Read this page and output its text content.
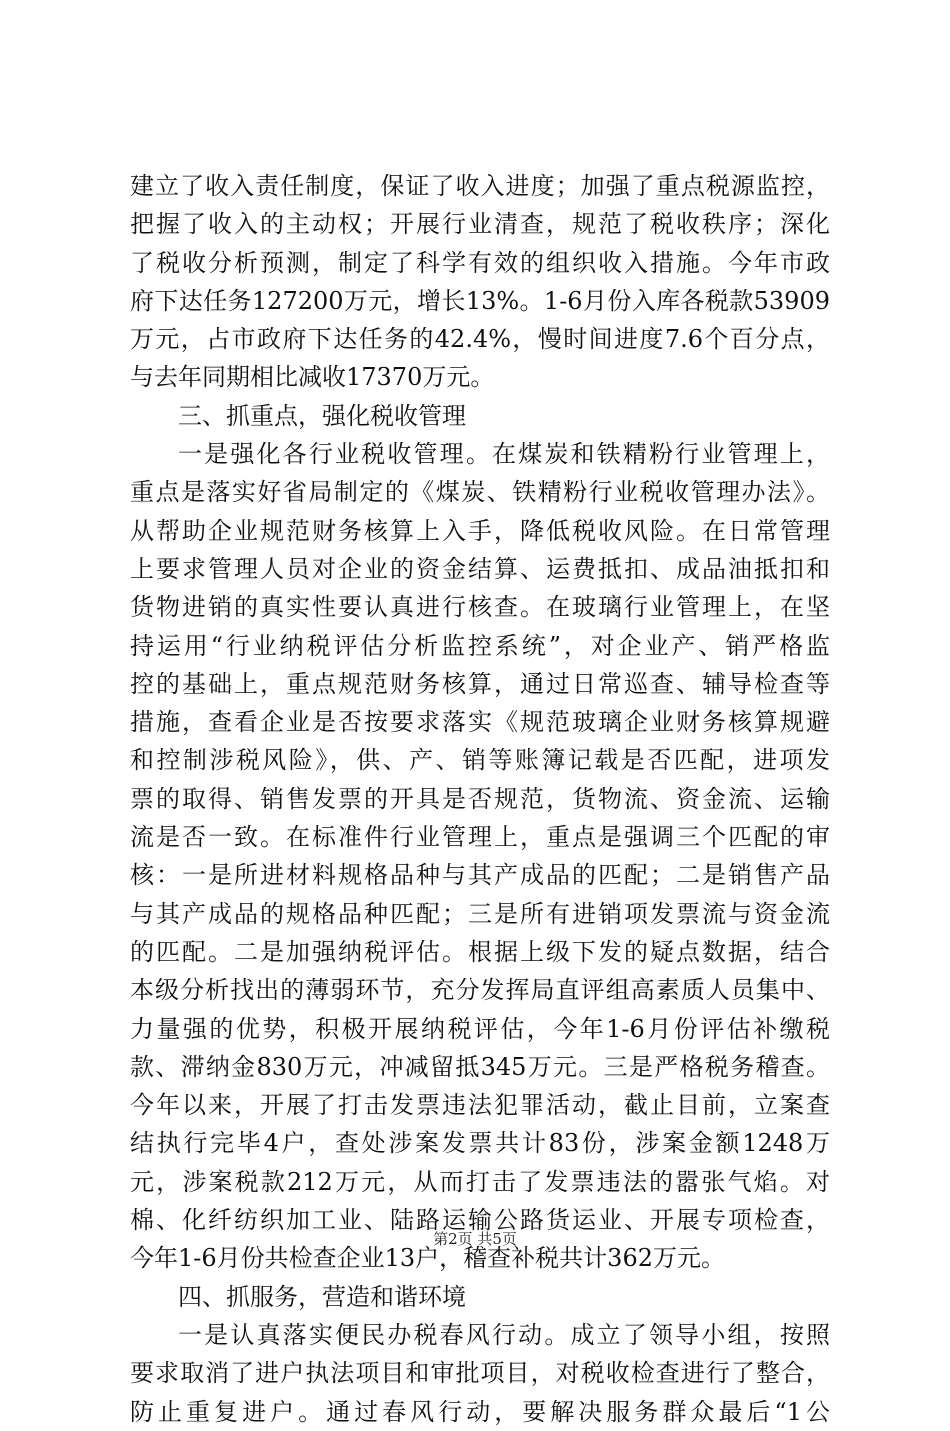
建立了收入责任制度，保证了收入进度；加强了重点税源监控，
把握了收入的主动权；开展行业清查，规范了税收秩序；深化
了税收分析预测，制定了科学有效的组织收入措施。今年市政
府下达任务127200万元，增长13%。1-6月份入库各税款53909
万元，占市政府下达任务的42.4%，慢时间进度7.6个百分点，
与去年同期相比减收17370万元。
三、抓重点，强化税收管理
一是强化各行业税收管理。在煤炭和铁精粉行业管理上，
重点是落实好省局制定的《煤炭、铁精粉行业税收管理办法》。
从帮助企业规范财务核算上入手，降低税收风险。在日常管理
上要求管理人员对企业的资金结算、运费抵扣、成品油抵扣和
货物进销的真实性要认真进行核查。在玻璃行业管理上，在坚
持运用“行业纳税评估分析监控系统”，对企业产、销严格监
控的基础上，重点规范财务核算，通过日常巡查、辅导检查等
措施，查看企业是否按要求落实《规范玻璃企业财务核算规避
和控制涉税风险》，供、产、销等账簿记载是否匹配，进项发
票的取得、销售发票的开具是否规范，货物流、资金流、运输
流是否一致。在标准件行业管理上，重点是强调三个匹配的审
核：一是所进材料规格品种与其产成品的匹配；二是销售产品
与其产成品的规格品种匹配；三是所有进销项发票流与资金流
的匹配。二是加强纳税评估。根据上级下发的疑点数据，结合
本级分析找出的薄弱环节，充分发挥局直评组高素质人员集中、
力量强的优势，积极开展纳税评估，今年1-6月份评估补缴税
款、滞纳金830万元，冲减留抵345万元。三是严格税务稽查。
今年以来，开展了打击发票违法犯罪活动，截止目前，立案查
结执行完毕4户，查处涉案发票共计83份，涉案金额1248万
元，涉案税款212万元，从而打击了发票违法的嚣张气焰。对
棉、化纤纺织加工业、陆路运输公路货运业、开展专项检查，
今年1-6月份共检查企业13户，稽查补税共计362万元。
四、抓服务，营造和谐环境
一是认真落实便民办税春风行动。成立了领导小组，按照
要求取消了进户执法项目和审批项目，对税收检查进行了整合，
防止重复进户。通过春风行动，要解决服务群众最后“1公
第2页 共5页
